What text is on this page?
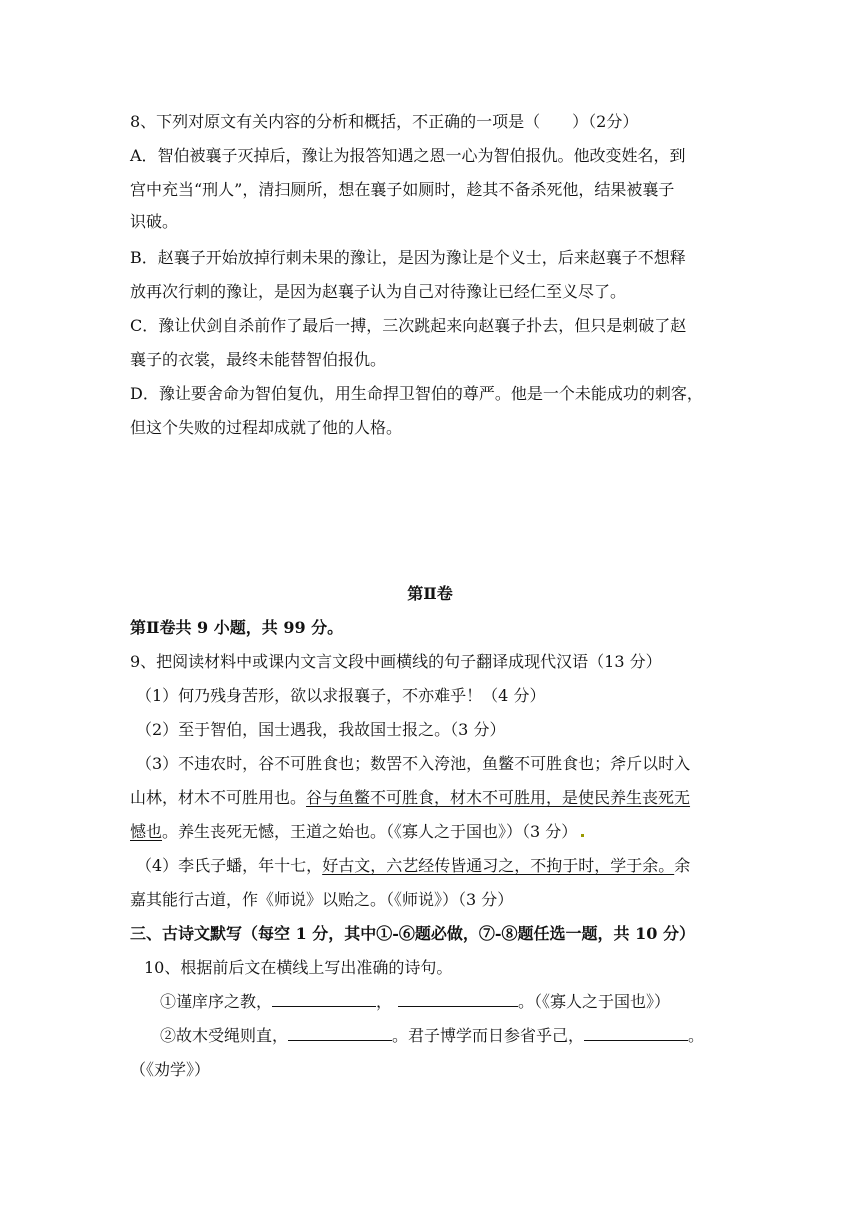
8、下列对原文有关内容的分析和概括，不正确的一项是（　　）（2分）
A．智伯被襄子灭掉后，豫让为报答知遇之恩一心为智伯报仇。他改变姓名，到
宫中充当“刑人”，清扫厕所，想在襄子如厕时，趁其不备杀死他，结果被襄子
识破。
B．赵襄子开始放掉行刺未果的豫让，是因为豫让是个义士，后来赵襄子不想释
放再次行刺的豫让，是因为赵襄子认为自己对待豫让已经仁至义尽了。
C．豫让伏剑自杀前作了最后一搏，三次跳起来向赵襄子扑去，但只是刺破了赵
襄子的衣裳，最终未能替智伯报仇。
D．豫让要舍命为智伯复仇，用生命捍卫智伯的尊严。他是一个未能成功的刺客，
但这个失败的过程却成就了他的人格。
第Ⅱ卷
第Ⅱ卷共 9 小题，共 99 分。
9、把阅读材料中或课内文言文段中画横线的句子翻译成现代汉语（13 分）
（1）何乃残身苦形，欲以求报襄子，不亦难乎！（4 分）
（2）至于智伯，国士遇我，我故国士报之。（3 分）
（3）不违农时，谷不可胜食也；数罟不入洿池，鱼鳖不可胜食也；斧斤以时入
山林，材木不可胜用也。谷与鱼鳖不可胜食，材木不可胜用，是使民养生丧死无
憾也。养生丧死无憾，王道之始也。（《寡人之于国也》）（3 分）
（4）李氏子蟠，年十七，好古文，六艺经传皆通习之，不拘于时，学于余。余
嘉其能行古道，作《师说》以贻之。（《师说》）（3 分）
三、古诗文默写（每空 1 分，其中①-⑥题必做，⑦-⑧题任选一题，共 10 分）
10、根据前后文在横线上写出准确的诗句。
①谨庠序之教，	，	。（《寡人之于国也》）
②故木受绳则直，	。君子博学而日参省乎己，	。
（《劝学》）
